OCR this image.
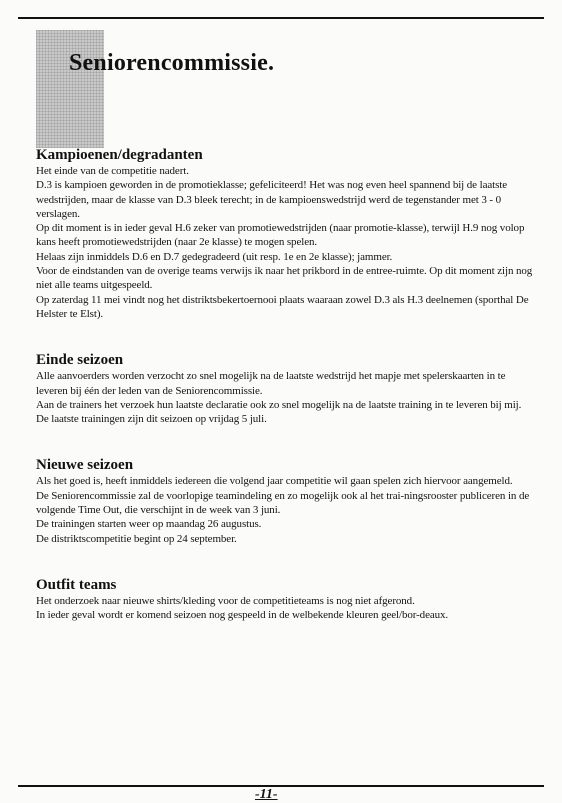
Seniorencommissie.
Kampioenen/degradanten

Het einde van de competitie nadert.

D.3 is kampioen geworden in de promotieklasse; gefeliciteerd! Het was nog even heel spannend bij de laatste wedstrijden, maar de klasse van D.3 bleek terecht; in de kampioenswedstrijd werd de tegenstander met 3 - 0 verslagen.

Op dit moment is in ieder geval H.6 zeker van promotiewedstrijden (naar promotie-klasse), terwijl H.9 nog volop kans heeft promotiewedstrijden (naar 2e klasse) te mogen spelen.

Helaas zijn inmiddels D.6 en D.7 gedegradeerd (uit resp. 1e en 2e klasse); jammer.

Voor de eindstanden van de overige teams verwijs ik naar het prikbord in de entree-ruimte. Op dit moment zijn nog niet alle teams uitgespeeld.

Op zaterdag 11 mei vindt nog het distriktsbekertoernooi plaats waaraan zowel D.3 als H.3 deelnemen (sporthal De Helster te Elst).

Einde seizoen

Alle aanvoerders worden verzocht zo snel mogelijk na de laatste wedstrijd het mapje met spelerskaarten in te leveren bij één der leden van de Seniorencommissie.

Aan de trainers het verzoek hun laatste declaratie ook zo snel mogelijk na de laatste training in te leveren bij mij.

De laatste trainingen zijn dit seizoen op vrijdag 5 juli.

Nieuwe seizoen

Als het goed is, heeft inmiddels iedereen die volgend jaar competitie wil gaan spelen zich hiervoor aangemeld.

De Seniorencommissie zal de voorlopige teamindeling en zo mogelijk ook al het trai-ningsrooster publiceren in de volgende Time Out, die verschijnt in de week van 3 juni.

De trainingen starten weer op maandag 26 augustus.

De distriktscompetitie begint op 24 september.

Outfit teams

Het onderzoek naar nieuwe shirts/kleding voor de competitieteams is nog niet afgerond.

In ieder geval wordt er komend seizoen nog gespeeld in de welbekende kleuren geel/bor-deaux.

-11-
